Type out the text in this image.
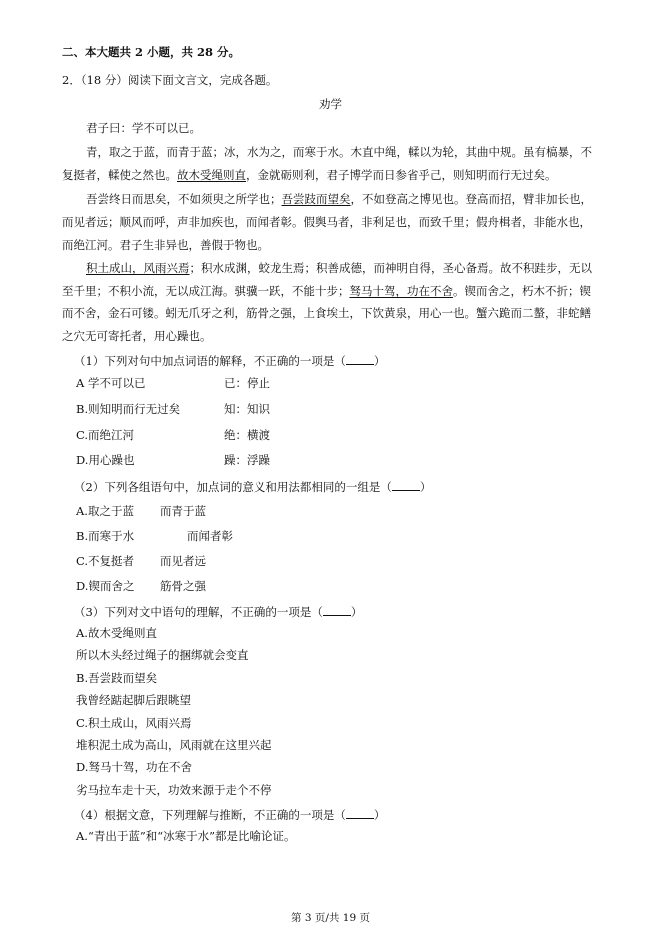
二、本大题共 2 小题，共 28 分。
2．（18 分）阅读下面文言文，完成各题。
劝学
君子曰：学不可以已。
青，取之于蓝，而青于蓝；冰，水为之，而寒于水。木直中绳，輮以为轮，其曲中规。虽有槁暴，不
复挺者，輮使之然也。故木受绳则直，金就砺则利，君子博学而日参省乎己，则知明而行无过矣。
吾尝终日而思矣，不如须臾之所学也；吾尝跂而望矣，不如登高之博见也。登高而招，臂非加长也，
而见者远；顺风而呼，声非加疾也，而闻者彰。假舆马者，非利足也，而致千里；假舟楫者，非能水也，
而绝江河。君子生非异也，善假于物也。
积土成山，风雨兴焉；积水成渊，蛟龙生焉；积善成德，而神明自得，圣心备焉。故不积跬步，无以
至千里；不积小流，无以成江海。骐骥一跃，不能十步；驽马十驾，功在不舍。锲而舍之，朽木不折；锲
而不舍，金石可镂。蚓无爪牙之利，筋骨之强，上食埃土，下饮黄泉，用心一也。蟹六跪而二螯，非蛇鳝
之穴无可寄托者，用心躁也。
（1）下列对句中加点词语的解释，不正确的一项是（ ）
A 学不可以已	已：停止
B.则知明而行无过矣	知：知识
C.而绝江河	绝：横渡
D.用心躁也	躁：浮躁
（2）下列各组语句中，加点词的意义和用法都相同的一组是（ ）
A.取之于蓝 而青于蓝
B.而寒于水	而闻者彰
C.不复挺者 而见者远
D.锲而舍之 筋骨之强
（3）下列对文中语句的理解，不正确的一项是（ ）
A.故木受绳则直
所以木头经过绳子的捆绑就会变直
B.吾尝跂而望矣
我曾经踮起脚后跟眺望
C.积土成山，风雨兴焉
堆积泥土成为高山，风雨就在这里兴起
D.驽马十驾，功在不舍
劣马拉车走十天，功效来源于走个不停
（4）根据文意，下列理解与推断，不正确的一项是（ ）
A.“青出于蓝”和“冰寒于水”都是比喻论证。
第 3 页/共 19 页
